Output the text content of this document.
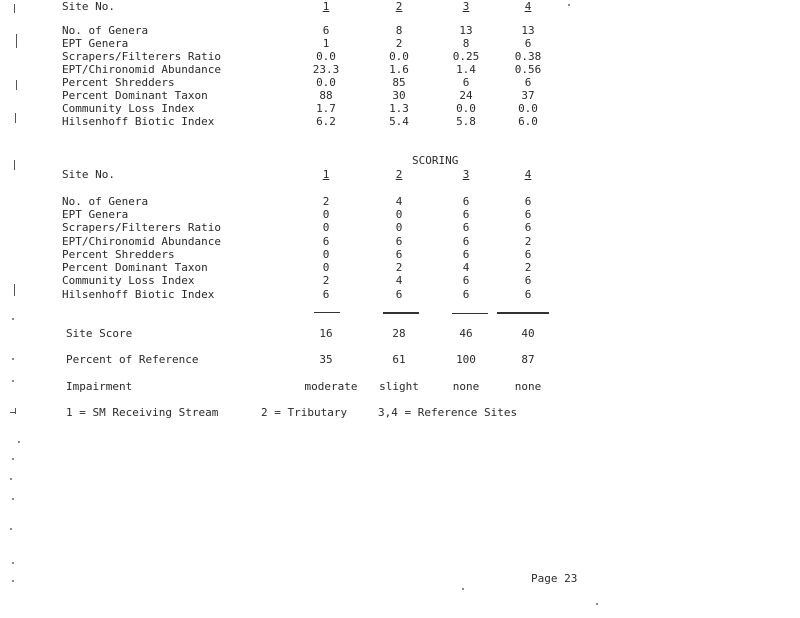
Site No.	1	2	3	4
No. of Genera	6	8	13	13
EPT Genera	1	2	8	6
Scrapers/Filterers Ratio	0.0	0.0	0.25	0.38
EPT/Chironomid Abundance	23.3	1.6	1.4	0.56
Percent Shredders	0.0	85	6	6
Percent Dominant Taxon	88	30	24	37
Community Loss Index	1.7	1.3	0.0	0.0
Hilsenhoff Biotic Index	6.2	5.4	5.8	6.0
SCORING
Site No.	1	2	3	4
No. of Genera	2	4	6	6
EPT Genera	0	0	6	6
Scrapers/Filterers Ratio	0	0	6	6
EPT/Chironomid Abundance	6	6	6	2
Percent Shredders	0	6	6	6
Percent Dominant Taxon	0	2	4	2
Community Loss Index	2	4	6	6
Hilsenhoff Biotic Index	6	6	6	6
Site Score	16	28	46	40
Percent of Reference	35	61	100	87
Impairment	moderate	slight	none	none
1 = SM Receiving Stream	2 = Tributary	3,4 = Reference Sites
Page 23
